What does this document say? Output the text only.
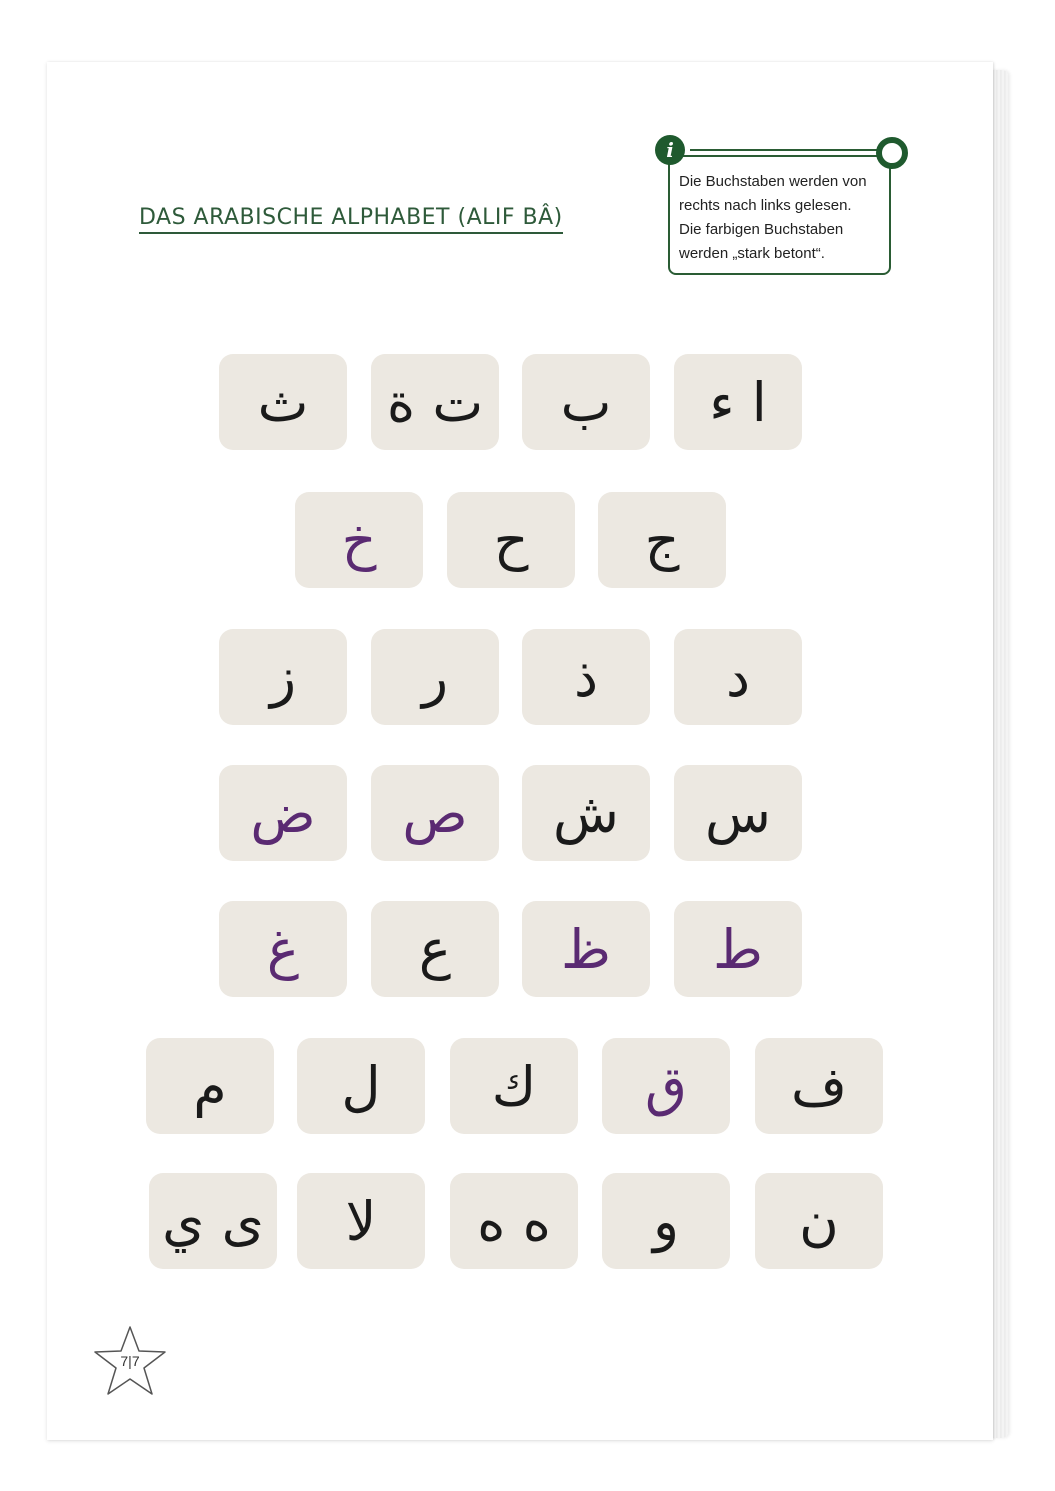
DAS ARABISCHE ALPHABET (ALIF BÂ)
i
Die Buchstaben werden von
rechts nach links gelesen.
Die farbigen Buchstaben
werden „stark betont“.
ا ء
ب
ت ة
ث
ج
ح
خ
د
ذ
ر
ز
س
ش
ص
ض
ط
ظ
ع
غ
ف
ق
ك
ل
م
ن
و
ه ه
لا
ى ي
7|7
